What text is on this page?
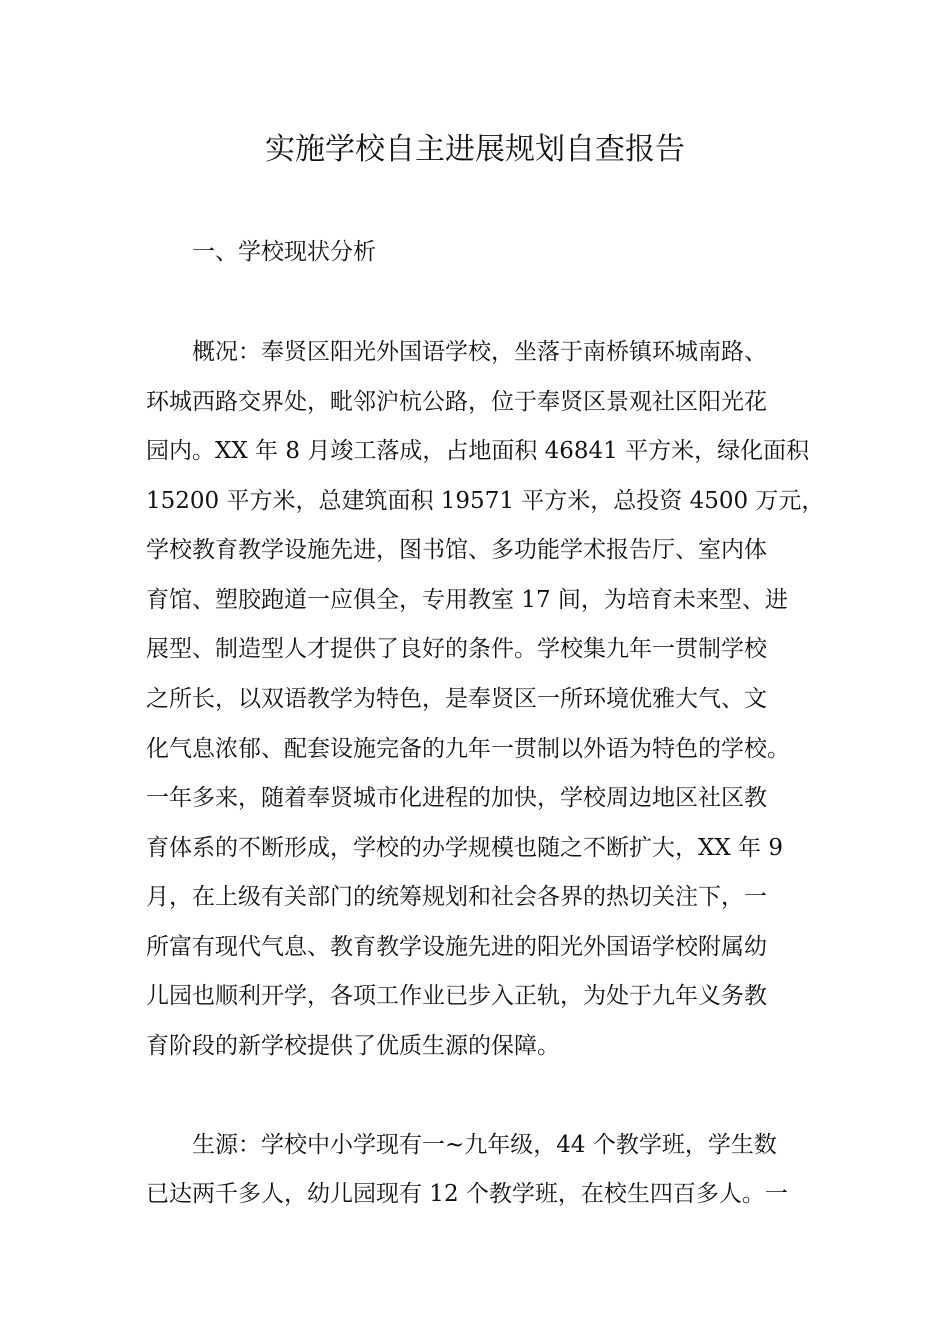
实施学校自主进展规划自查报告
一、学校现状分析
　　概况：奉贤区阳光外国语学校，坐落于南桥镇环城南路、
环城西路交界处，毗邻沪杭公路，位于奉贤区景观社区阳光花
园内。XX 年 8 月竣工落成，占地面积 46841 平方米，绿化面积
15200 平方米，总建筑面积 19571 平方米，总投资 4500 万元，
学校教育教学设施先进，图书馆、多功能学术报告厅、室内体
育馆、塑胶跑道一应俱全，专用教室 17 间，为培育未来型、进
展型、制造型人才提供了良好的条件。学校集九年一贯制学校
之所长，以双语教学为特色，是奉贤区一所环境优雅大气、文
化气息浓郁、配套设施完备的九年一贯制以外语为特色的学校。
一年多来，随着奉贤城市化进程的加快，学校周边地区社区教
育体系的不断形成，学校的办学规模也随之不断扩大，XX 年 9
月，在上级有关部门的统筹规划和社会各界的热切关注下，一
所富有现代气息、教育教学设施先进的阳光外国语学校附属幼
儿园也顺利开学，各项工作业已步入正轨，为处于九年义务教
育阶段的新学校提供了优质生源的保障。
　　生源：学校中小学现有一~九年级，44 个教学班，学生数
已达两千多人，幼儿园现有 12 个教学班，在校生四百多人。一
